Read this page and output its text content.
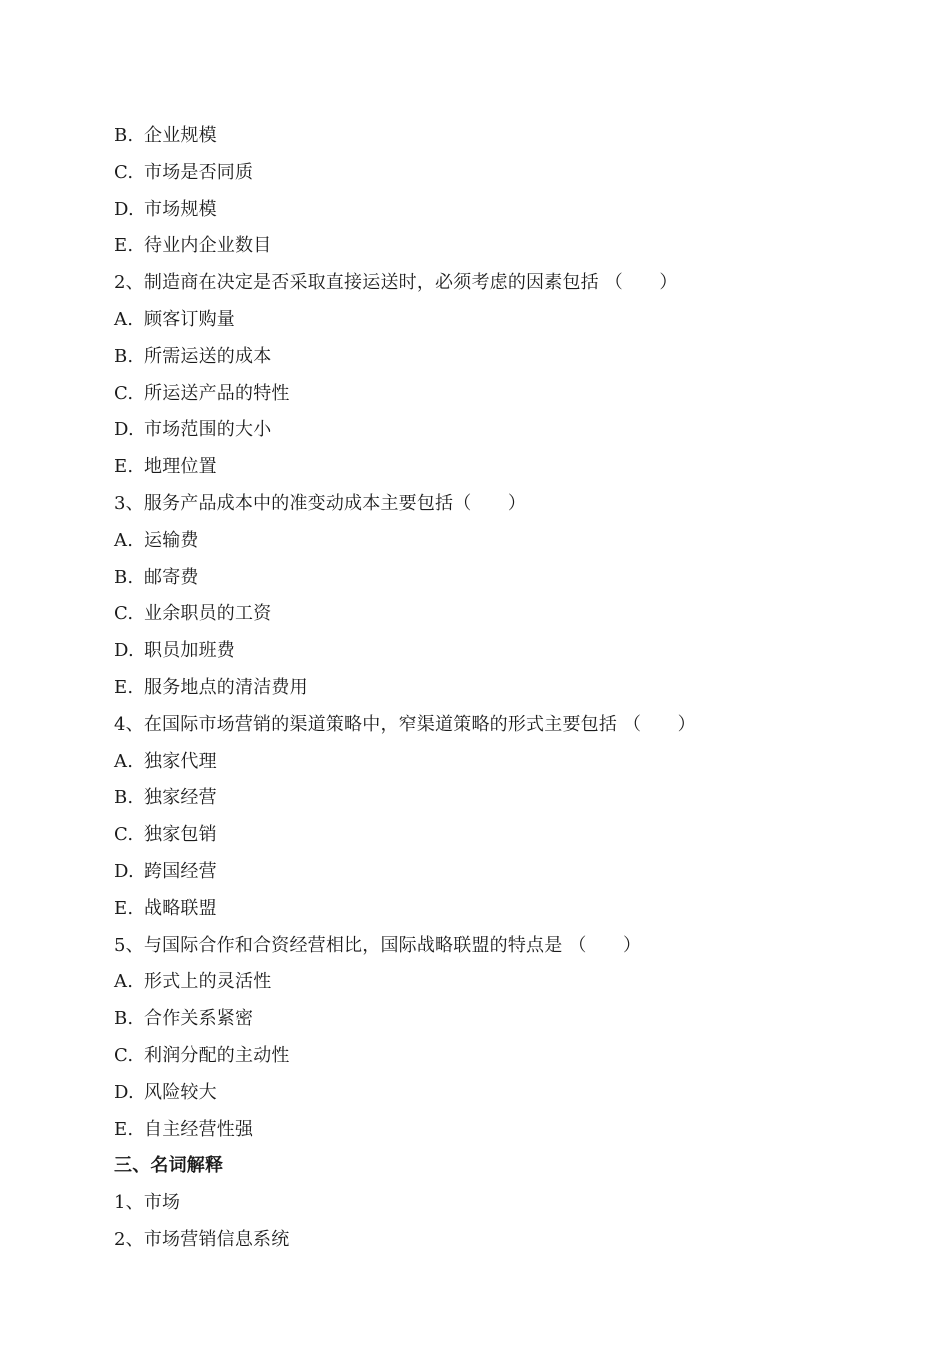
B. 企业规模
C. 市场是否同质
D. 市场规模
E. 待业内企业数目
2、制造商在决定是否采取直接运送时，必须考虑的因素包括 （　　）
A. 顾客订购量
B. 所需运送的成本
C. 所运送产品的特性
D. 市场范围的大小
E. 地理位置
3、服务产品成本中的准变动成本主要包括（　　）
A. 运输费
B. 邮寄费
C. 业余职员的工资
D. 职员加班费
E. 服务地点的清洁费用
4、在国际市场营销的渠道策略中，窄渠道策略的形式主要包括 （　　）
A. 独家代理
B. 独家经营
C. 独家包销
D. 跨国经营
E. 战略联盟
5、与国际合作和合资经营相比，国际战略联盟的特点是 （　　）
A. 形式上的灵活性
B. 合作关系紧密
C. 利润分配的主动性
D. 风险较大
E. 自主经营性强
三、名词解释
1、市场
2、市场营销信息系统
